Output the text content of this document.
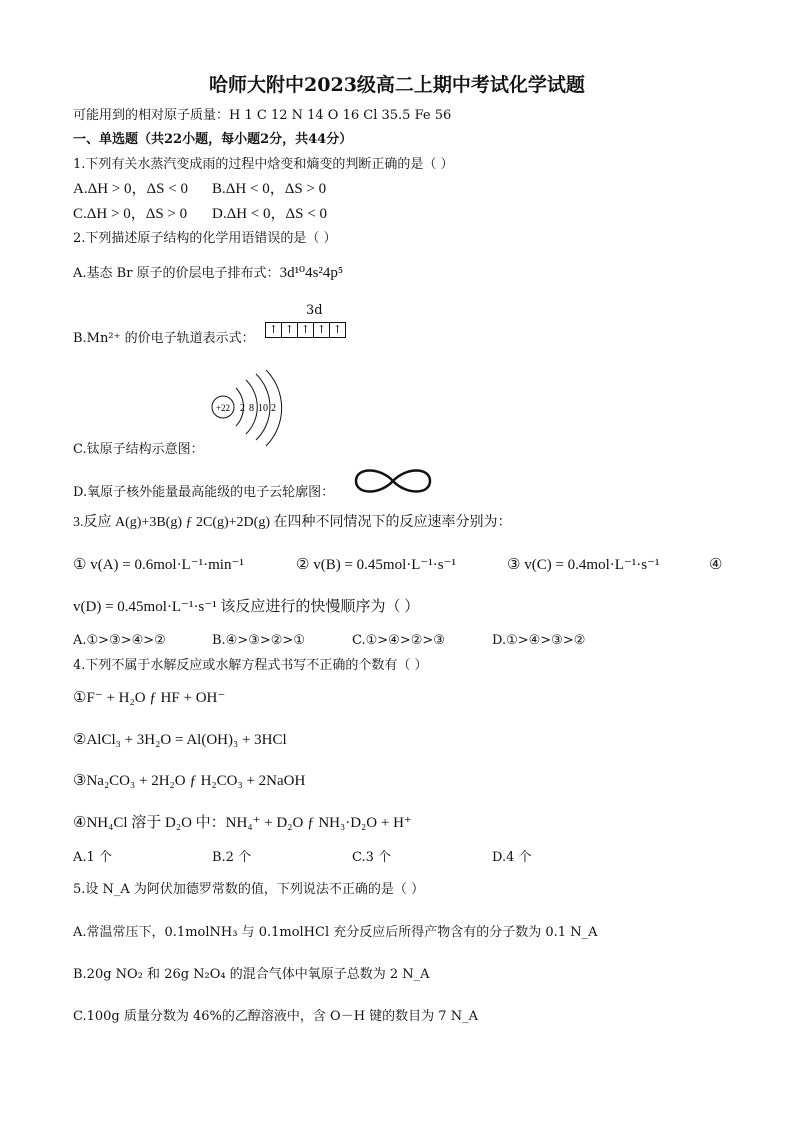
哈师大附中2023级高二上期中考试化学试题
可能用到的相对原子质量：H 1 C 12 N 14 O 16 Cl 35.5 Fe 56
一、单选题（共22小题，每小题2分，共44分）
1.下列有关水蒸汽变成雨的过程中焓变和熵变的判断正确的是（ ）
A.ΔH > 0，ΔS < 0 B.ΔH < 0，ΔS > 0
C.ΔH > 0，ΔS > 0 D.ΔH < 0，ΔS < 0
2.下列描述原子结构的化学用语错误的是（ ）
A.基态 Br 原子的价层电子排布式：3d¹⁰4s²4p⁵
3d
B.Mn²⁺ 的价电子轨道表示式：
↑ ↑ ↑ ↑ ↑
+22 2 8 10 2
C.钛原子结构示意图：
D.氧原子核外能量最高能级的电子云轮廓图：
3.反应 A(g)+3B(g) ƒ 2C(g)+2D(g) 在四种不同情况下的反应速率分别为：
① v(A) = 0.6mol·L⁻¹·min⁻¹	② v(B) = 0.45mol·L⁻¹·s⁻¹	③ v(C) = 0.4mol·L⁻¹·s⁻¹	④
v(D) = 0.45mol·L⁻¹·s⁻¹ 该反应进行的快慢顺序为（ ）
A.①>③>④>②	B.④>③>②>①	C.①>④>②>③	D.①>④>③>②
4.下列不属于水解反应或水解方程式书写不正确的个数有（ ）
①F⁻ + H₂O ƒ HF + OH⁻
②AlCl₃ + 3H₂O = Al(OH)₃ + 3HCl
③Na₂CO₃ + 2H₂O ƒ H₂CO₃ + 2NaOH
④NH₄Cl 溶于 D₂O 中：NH₄⁺ + D₂O ƒ NH₃·D₂O + H⁺
A.1 个	B.2 个	C.3 个	D.4 个
5.设 N_A 为阿伏加德罗常数的值，下列说法不正确的是（ ）
A.常温常压下，0.1molNH₃ 与 0.1molHCl 充分反应后所得产物含有的分子数为 0.1 N_A
B.20g NO₂ 和 26g N₂O₄ 的混合气体中氧原子总数为 2 N_A
C.100g 质量分数为 46%的乙醇溶液中，含 O－H 键的数目为 7 N_A
